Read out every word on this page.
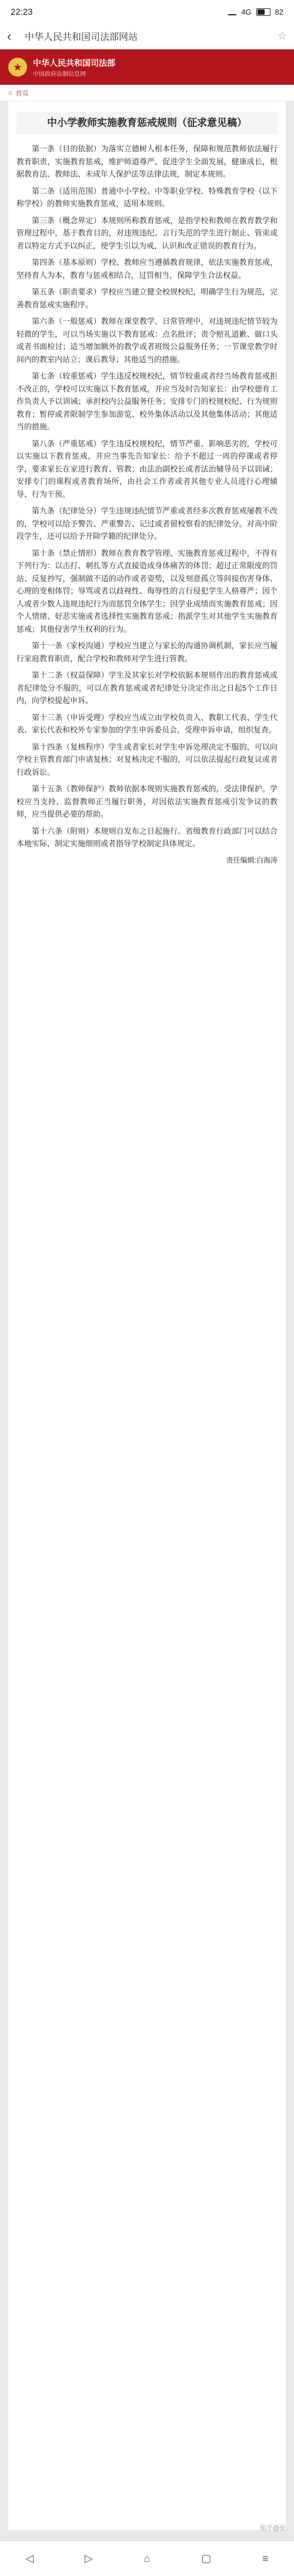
22:23	4G	82
‹	中华人民共和国司法部网站	☆
★	中华人民共和国司法部
中国政府法制信息网
⌂ 首页
中小学教师实施教育惩戒规则（征求意见稿）

第一条（目的依据）为落实立德树人根本任务，保障和规范教师依法履行教育职责，实施教育惩戒，维护师道尊严，促进学生全面发展，健康成长，根据教育法、教师法、未成年人保护法等法律法规，制定本规则。

第二条（适用范围）普通中小学校、中等职业学校、特殊教育学校（以下称学校）的教师实施教育惩戒，适用本规则。

第三条（概念界定）本规则所称教育惩戒，是指学校和教师在教育教学和管理过程中，基于教育目的，对违规违纪、言行失范的学生进行制止、管束或者以特定方式予以纠正，使学生引以为戒，认识和改正错误的教育行为。

第四条（基本原则）学校、教师应当遵循教育规律，依法实施教育惩戒，坚持育人为本，教育与惩戒相结合，过罚相当，保障学生合法权益。

第五条（职责要求）学校应当建立健全校规校纪，明确学生行为规范，完善教育惩戒实施程序。

第六条（一般惩戒）教师在课堂教学、日常管理中，对违规违纪情节较为轻微的学生，可以当场实施以下教育惩戒：点名批评；责令赔礼道歉、做口头或者书面检讨；适当增加额外的教学或者班级公益服务任务；一节课堂教学时间内的教室内站立；课后教导；其他适当的措施。

第七条（较重惩戒）学生违反校规校纪，情节较重或者经当场教育惩戒拒不改正的，学校可以实施以下教育惩戒，并应当及时告知家长：由学校德育工作负责人予以训诫；承担校内公益服务任务；安排专门的校规校纪、行为规则教育；暂停或者限制学生参加游览、校外集体活动以及其他集体活动；其他适当的措施。

第八条（严重惩戒）学生违反校规校纪，情节严重、影响恶劣的，学校可以实施以下教育惩戒，并应当事先告知家长：给予不超过一周的停课或者停学，要求家长在家进行教育、管教；由法治副校长或者法治辅导员予以训诫；安排专门的课程或者教育场所，由社会工作者或者其他专业人员进行心理辅导、行为干预。

第九条（纪律处分）学生违规违纪情节严重或者经多次教育惩戒屡教不改的，学校可以给予警告、严重警告、记过或者留校察看的纪律处分。对高中阶段学生，还可以给予开除学籍的纪律处分。

第十条（禁止情形）教师在教育教学管理、实施教育惩戒过程中，不得有下列行为：以击打、刺扎等方式直接造成身体痛苦的体罚；超过正常限度的罚站、反复抄写，强制做不适的动作或者姿势，以及刻意孤立等间接伤害身体、心理的变相体罚；辱骂或者以歧视性、侮辱性的言行侵犯学生人格尊严；因个人或者少数人违规违纪行为而惩罚全体学生；因学业成绩而实施教育惩戒；因个人情绪、好恶实施或者选择性实施教育惩戒；指派学生对其他学生实施教育惩戒；其他侵害学生权利的行为。

第十一条（家校沟通）学校应当建立与家长的沟通协调机制，家长应当履行家庭教育职责，配合学校和教师对学生进行管教。

第十二条（权益保障）学生及其家长对学校依据本规则作出的教育惩戒或者纪律处分不服的，可以在教育惩戒或者纪律处分决定作出之日起5个工作日内，向学校提起申诉。

第十三条（申诉受理）学校应当成立由学校负责人、教职工代表、学生代表、家长代表和校外专家参加的学生申诉委员会，受理申诉申请，组织复查。

第十四条（复核程序）学生或者家长对学生申诉处理决定不服的，可以向学校主管教育部门申请复核；对复核决定不服的，可以依法提起行政复议或者行政诉讼。

第十五条（教师保护）教师依据本规则实施教育惩戒的，受法律保护。学校应当支持、监督教师正当履行职务，对因依法实施教育惩戒引发争议的教师，应当提供必要的帮助。

第十六条（附则）本规则自发布之日起施行。省级教育行政部门可以结合本地实际，制定实施细则或者指导学校制定具体规定。

责任编辑:白海涛
知乎@张
◁	▷	⌂	▢	≡
